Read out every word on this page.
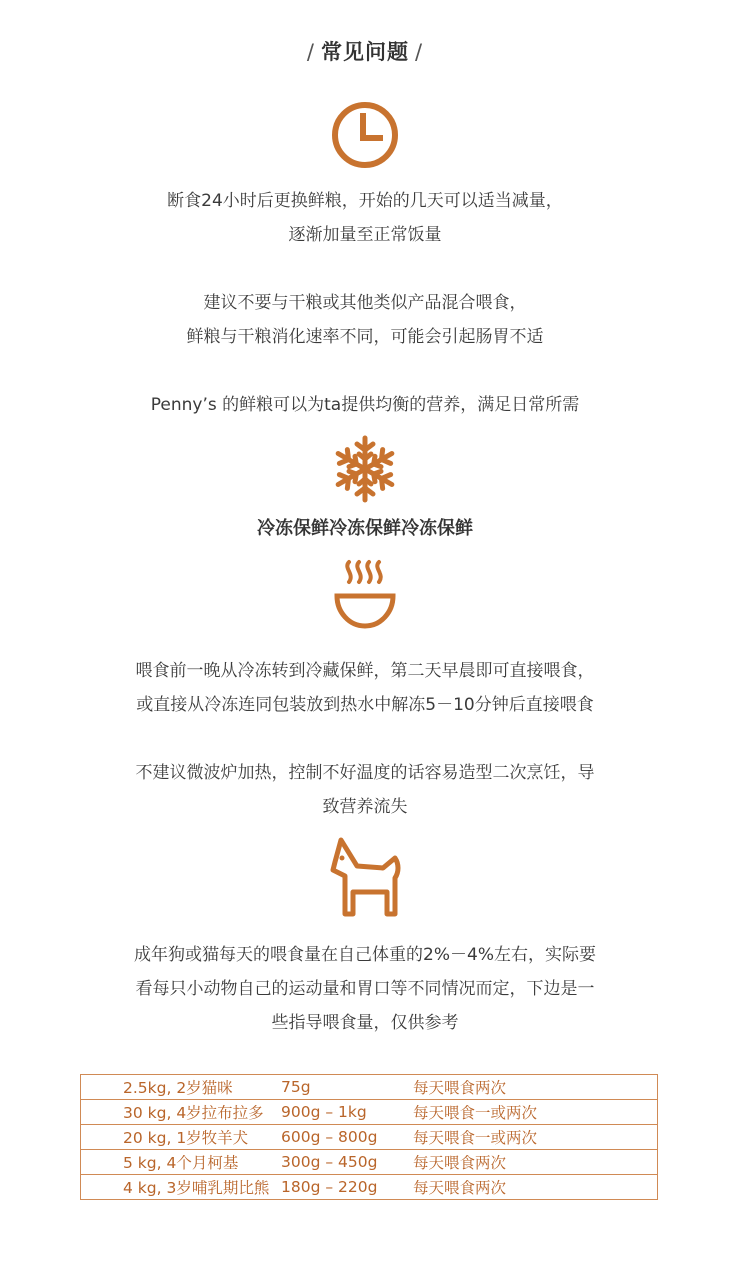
/ 常见问题 /
断食24小时后更换鲜粮，开始的几天可以适当减量，
逐渐加量至正常饭量
建议不要与干粮或其他类似产品混合喂食，
鲜粮与干粮消化速率不同，可能会引起肠胃不适
Penny’s 的鲜粮可以为ta提供均衡的营养，满足日常所需
冷冻保鲜冷冻保鲜冷冻保鲜
喂食前一晚从冷冻转到冷藏保鲜，第二天早晨即可直接喂食，
或直接从冷冻连同包装放到热水中解冻5－10分钟后直接喂食
不建议微波炉加热，控制不好温度的话容易造型二次烹饪，导
致营养流失
成年狗或猫每天的喂食量在自己体重的2%－4%左右，实际要
看每只小动物自己的运动量和胃口等不同情况而定，下边是一
些指导喂食量，仅供参考
2.5kg, 2岁猫咪	75g	每天喂食两次
30 kg, 4岁拉布拉多	900g – 1kg	每天喂食一或两次
20 kg, 1岁牧羊犬	600g – 800g	每天喂食一或两次
5 kg, 4个月柯基	300g – 450g	每天喂食两次
4 kg, 3岁哺乳期比熊	180g – 220g	每天喂食两次
